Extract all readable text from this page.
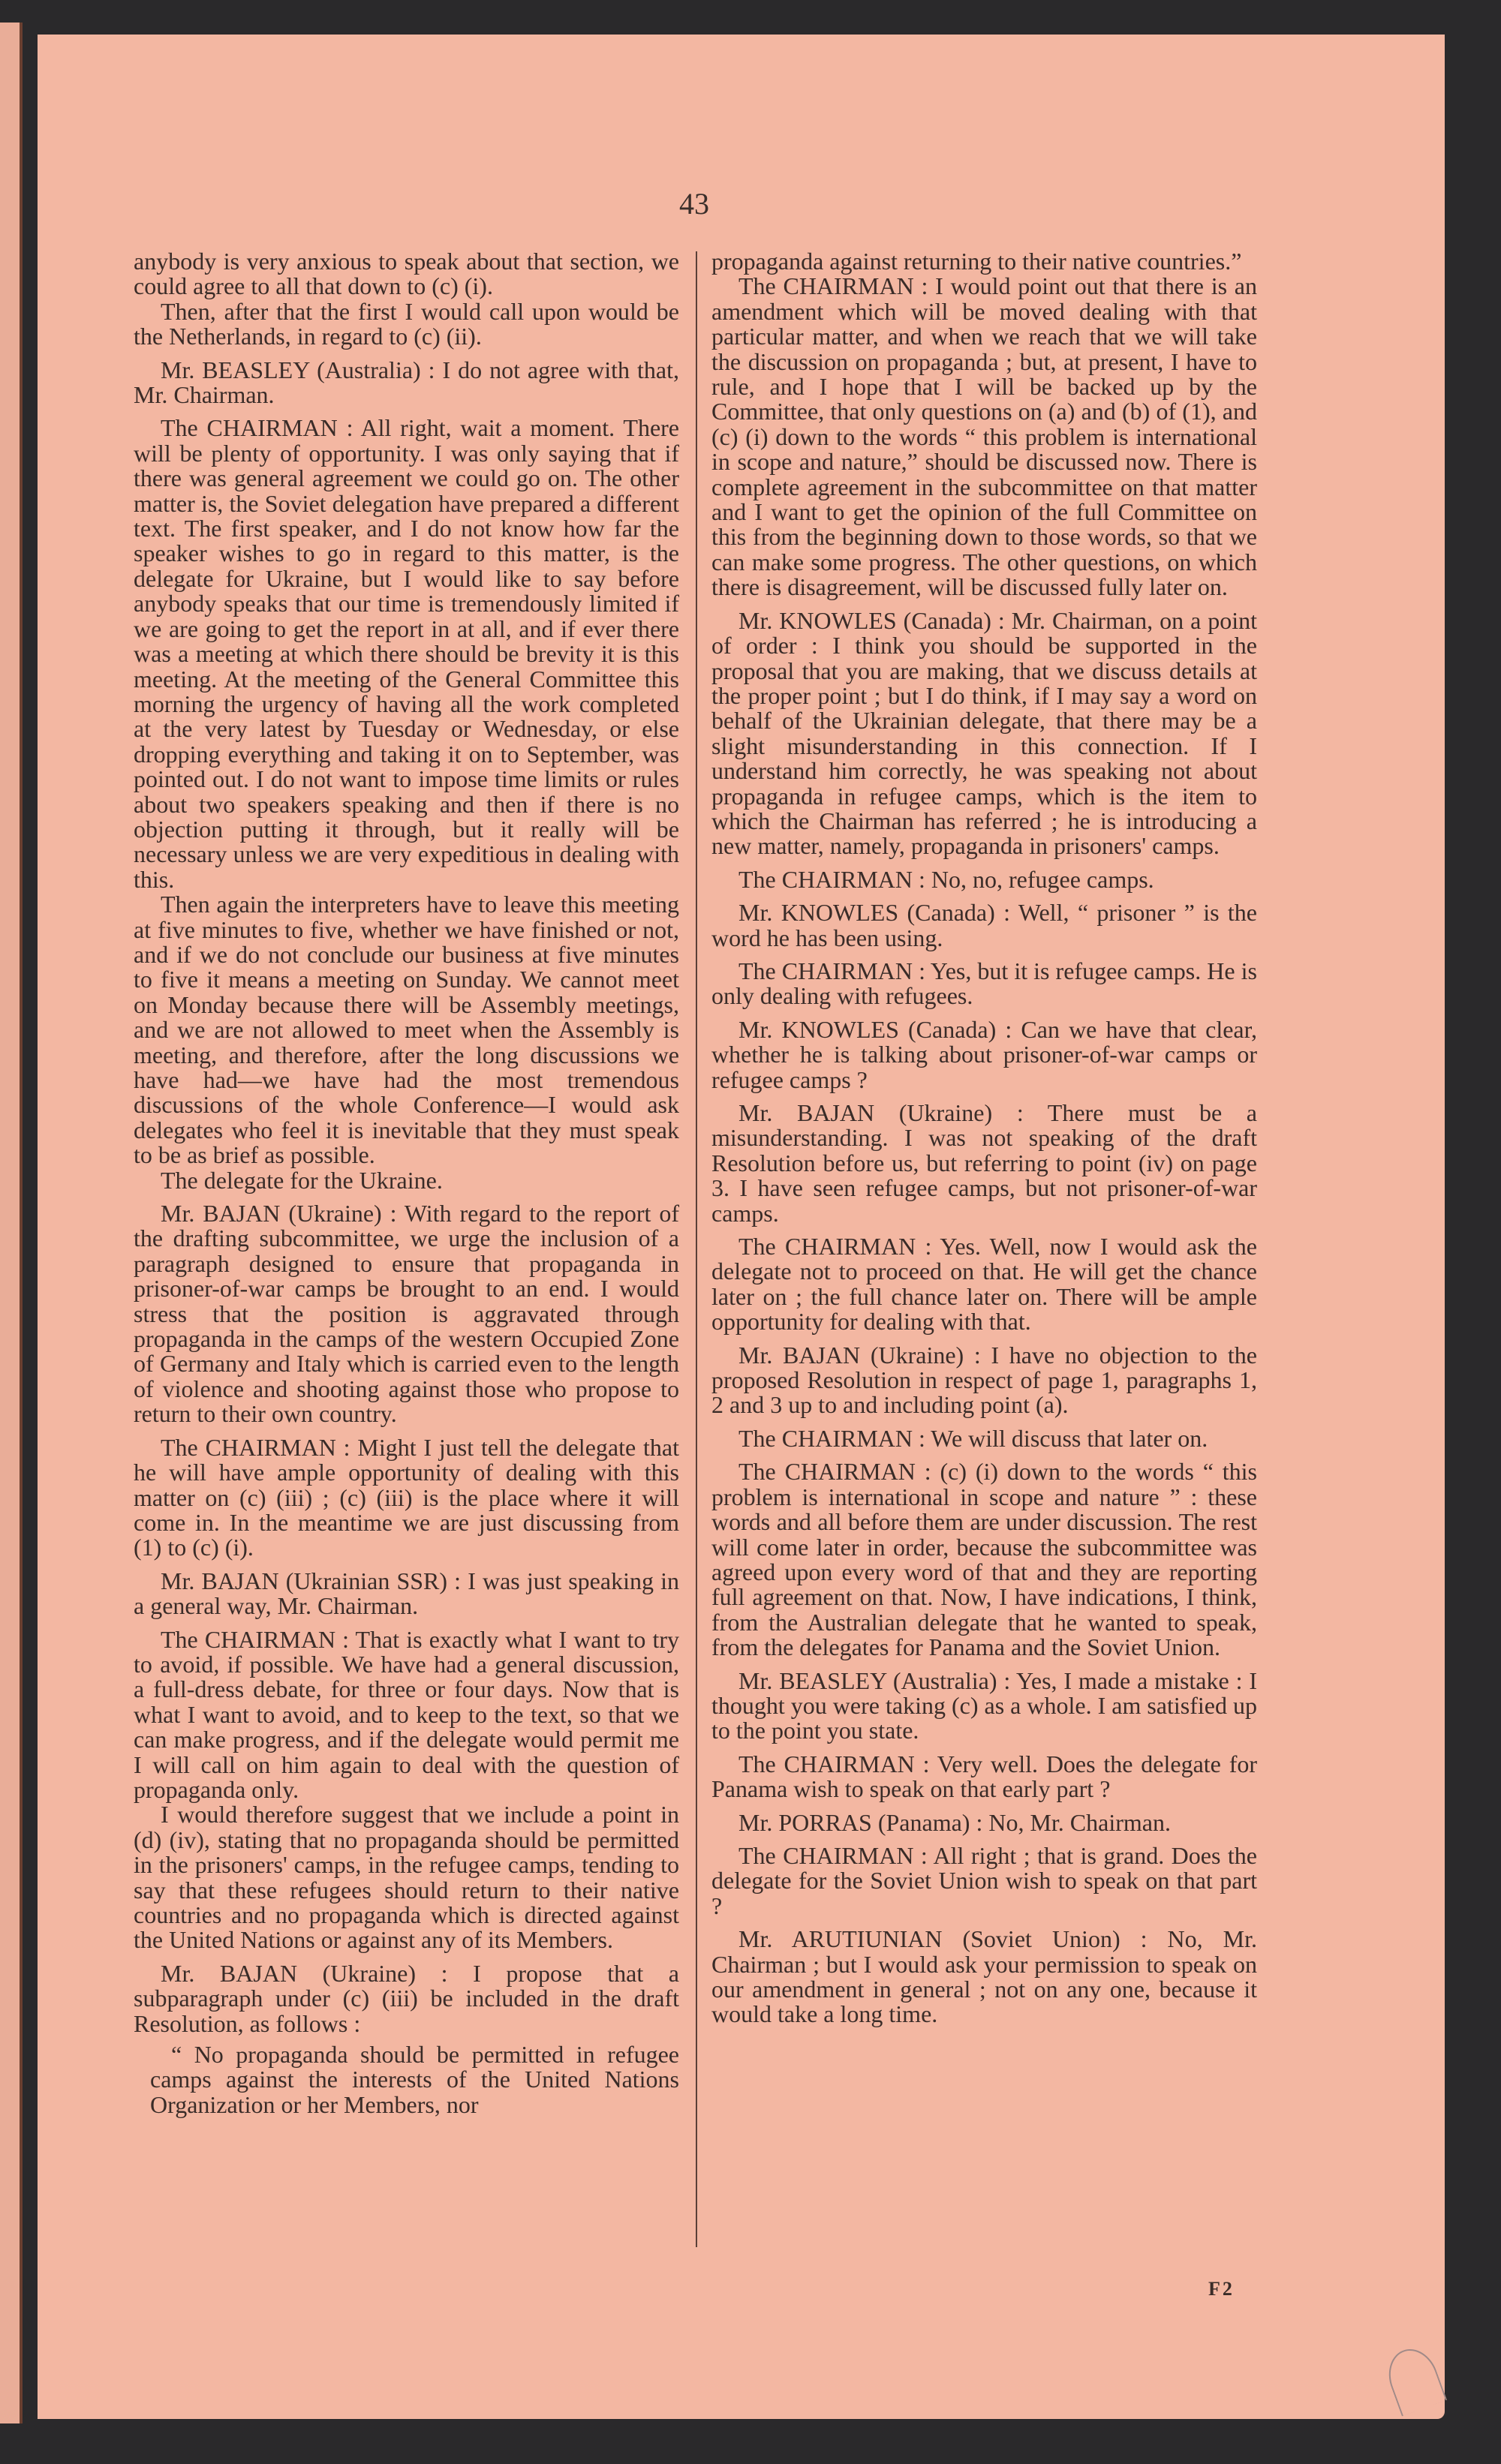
43

anybody is very anxious to speak about that section, we could agree to all that down to (c) (i).

Then, after that the first I would call upon would be the Netherlands, in regard to (c) (ii).

Mr. BEASLEY (Australia) : I do not agree with that, Mr. Chairman.

The CHAIRMAN : All right, wait a moment. There will be plenty of opportunity. I was only saying that if there was general agreement we could go on. The other matter is, the Soviet delegation have prepared a different text. The first speaker, and I do not know how far the speaker wishes to go in regard to this matter, is the delegate for Ukraine, but I would like to say before anybody speaks that our time is tremendously limited if we are going to get the report in at all, and if ever there was a meeting at which there should be brevity it is this meeting. At the meeting of the General Committee this morning the urgency of having all the work completed at the very latest by Tuesday or Wednesday, or else dropping everything and taking it on to September, was pointed out. I do not want to impose time limits or rules about two speakers speaking and then if there is no objection putting it through, but it really will be necessary unless we are very expeditious in dealing with this.

Then again the interpreters have to leave this meeting at five minutes to five, whether we have finished or not, and if we do not conclude our business at five minutes to five it means a meeting on Sunday. We cannot meet on Monday because there will be Assembly meetings, and we are not allowed to meet when the Assembly is meeting, and therefore, after the long discussions we have had—we have had the most tremendous discussions of the whole Conference—I would ask delegates who feel it is inevitable that they must speak to be as brief as possible.

The delegate for the Ukraine.

Mr. BAJAN (Ukraine) : With regard to the report of the drafting subcommittee, we urge the inclusion of a paragraph designed to ensure that propaganda in prisoner-of-war camps be brought to an end. I would stress that the position is aggravated through propaganda in the camps of the western Occupied Zone of Germany and Italy which is carried even to the length of violence and shooting against those who propose to return to their own country.

The CHAIRMAN : Might I just tell the delegate that he will have ample opportunity of dealing with this matter on (c) (iii) ; (c) (iii) is the place where it will come in. In the meantime we are just discussing from (1) to (c) (i).

Mr. BAJAN (Ukrainian SSR) : I was just speaking in a general way, Mr. Chairman.

The CHAIRMAN : That is exactly what I want to try to avoid, if possible. We have had a general discussion, a full-dress debate, for three or four days. Now that is what I want to avoid, and to keep to the text, so that we can make progress, and if the delegate would permit me I will call on him again to deal with the question of propaganda only.

I would therefore suggest that we include a point in (d) (iv), stating that no propaganda should be permitted in the prisoners' camps, in the refugee camps, tending to say that these refugees should return to their native countries and no propaganda which is directed against the United Nations or against any of its Members.

Mr. BAJAN (Ukraine) : I propose that a subparagraph under (c) (iii) be included in the draft Resolution, as follows :

“ No propaganda should be permitted in refugee camps against the interests of the United Nations Organization or her Members, nor

propaganda against returning to their native countries.”

The CHAIRMAN : I would point out that there is an amendment which will be moved dealing with that particular matter, and when we reach that we will take the discussion on propaganda ; but, at present, I have to rule, and I hope that I will be backed up by the Committee, that only questions on (a) and (b) of (1), and (c) (i) down to the words “ this problem is international in scope and nature,” should be discussed now. There is complete agreement in the subcommittee on that matter and I want to get the opinion of the full Committee on this from the beginning down to those words, so that we can make some progress. The other questions, on which there is disagreement, will be discussed fully later on.

Mr. KNOWLES (Canada) : Mr. Chairman, on a point of order : I think you should be supported in the proposal that you are making, that we discuss details at the proper point ; but I do think, if I may say a word on behalf of the Ukrainian delegate, that there may be a slight misunderstanding in this connection. If I understand him correctly, he was speaking not about propaganda in refugee camps, which is the item to which the Chairman has referred ; he is introducing a new matter, namely, propaganda in prisoners' camps.

The CHAIRMAN : No, no, refugee camps.

Mr. KNOWLES (Canada) : Well, “ prisoner ” is the word he has been using.

The CHAIRMAN : Yes, but it is refugee camps. He is only dealing with refugees.

Mr. KNOWLES (Canada) : Can we have that clear, whether he is talking about prisoner-of-war camps or refugee camps ?

Mr. BAJAN (Ukraine) : There must be a misunderstanding. I was not speaking of the draft Resolution before us, but referring to point (iv) on page 3. I have seen refugee camps, but not prisoner-of-war camps.

The CHAIRMAN : Yes. Well, now I would ask the delegate not to proceed on that. He will get the chance later on ; the full chance later on. There will be ample opportunity for dealing with that.

Mr. BAJAN (Ukraine) : I have no objection to the proposed Resolution in respect of page 1, paragraphs 1, 2 and 3 up to and including point (a).

The CHAIRMAN : We will discuss that later on.

The CHAIRMAN : (c) (i) down to the words “ this problem is international in scope and nature ” : these words and all before them are under discussion. The rest will come later in order, because the subcommittee was agreed upon every word of that and they are reporting full agreement on that. Now, I have indications, I think, from the Australian delegate that he wanted to speak, from the delegates for Panama and the Soviet Union.

Mr. BEASLEY (Australia) : Yes, I made a mistake : I thought you were taking (c) as a whole. I am satisfied up to the point you state.

The CHAIRMAN : Very well. Does the delegate for Panama wish to speak on that early part ?

Mr. PORRAS (Panama) : No, Mr. Chairman.

The CHAIRMAN : All right ; that is grand. Does the delegate for the Soviet Union wish to speak on that part ?

Mr. ARUTIUNIAN (Soviet Union) : No, Mr. Chairman ; but I would ask your permission to speak on our amendment in general ; not on any one, because it would take a long time.

F2
